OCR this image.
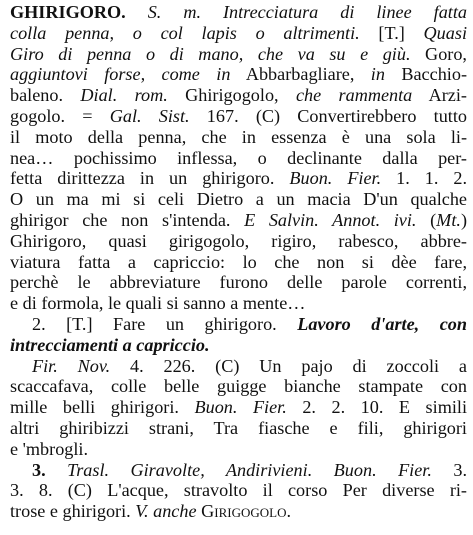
GHIRIGORO. S. m. Intrecciatura di linee fatta
colla penna, o col lapis o altrimenti. [T.] Quasi
Giro di penna o di mano, che va su e giù. Goro,
aggiuntovi forse, come in Abbarbagliare, in Bacchio-
baleno. Dial. rom. Ghirigogolo, che rammenta Arzi-
gogolo. = Gal. Sist. 167. (C) Convertirebbero tutto
il moto della penna, che in essenza è una sola li-
nea… pochissimo inflessa, o declinante dalla per-
fetta dirittezza in un ghirigoro. Buon. Fier. 1. 1. 2.
O un ma mi si celi Dietro a un macia D'un qualche
ghirigor che non s'intenda. E Salvin. Annot. ivi. (Mt.)
Ghirigoro, quasi girigogolo, rigiro, rabesco, abbre-
viatura fatta a capriccio: lo che non si dèe fare,
perchè le abbreviature furono delle parole correnti,
e di formola, le quali si sanno a mente…
2. [T.] Fare un ghirigoro. Lavoro d'arte, con
intrecciamenti a capriccio.
Fir. Nov. 4. 226. (C) Un pajo di zoccoli a
scaccafava, colle belle guigge bianche stampate con
mille belli ghirigori. Buon. Fier. 2. 2. 10. E simili
altri ghiribizzi strani, Tra fiasche e fili, ghirigori
e 'mbrogli.
3. Trasl. Giravolte, Andirivieni. Buon. Fier. 3.
3. 8. (C) L'acque, stravolto il corso Per diverse ri-
trose e ghirigori. V. anche Girigogolo.
